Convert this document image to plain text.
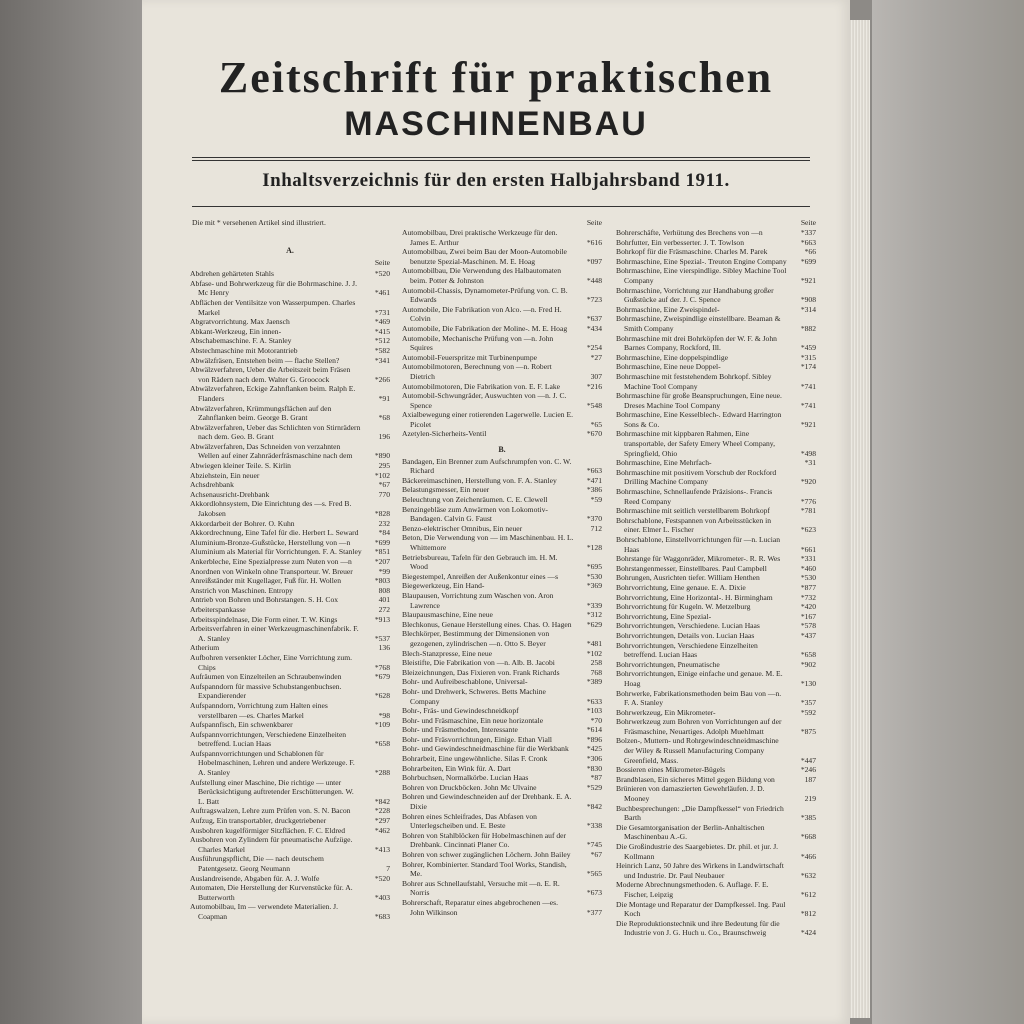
Zeitschrift für praktischen
MASCHINENBAU
Inhaltsverzeichnis für den ersten Halbjahrsband 1911.
Die mit * versehenen Artikel sind illustriert.
A.
Seite
Abdrehen gehärteten Stahls	*520
Abfase- und Bohrwerkzeug für die Bohrmaschine. J. J. Mc Henry	*461
Abflächen der Ventilsitze von Wasserpumpen. Charles Markel	*731
Abgratvorrichtung. Max Jaensch	*469
Abkant-Werkzeug, Ein innen-	*415
Abschabemaschine. F. A. Stanley	*512
Abstechmaschine mit Motorantrieb	*582
Abwälzfräsen, Entstehen beim — flache Stellen?	*341
Abwälzverfahren, Ueber die Arbeitszeit beim Fräsen von Rädern nach dem. Walter G. Groocock	*266
Abwälzverfahren, Eckige Zahnflanken beim. Ralph E. Flanders	*91
Abwälzverfahren, Krümmungsflächen auf den Zahnflanken beim. George B. Grant	*68
Abwälzverfahren, Ueber das Schlichten von Stirnrädern nach dem. Geo. B. Grant	196
Abwälzverfahren, Das Schneiden von verzahnten Wellen auf einer Zahnräderfräsmaschine nach dem	*890
Abwiegen kleiner Teile. S. Kirlin	295
Abziehstein, Ein neuer	*102
Achsdrehbank	*67
Achsenausricht-Drehbank	770
Akkordlohnsystem, Die Einrichtung des —s. Fred B. Jakobsen	*828
Akkordarbeit der Bohrer. O. Kuhn	232
Akkordrechnung, Eine Tafel für die. Herbert L. Seward	*84
Aluminium-Bronze-Gußstücke, Herstellung von —n	*699
Aluminium als Material für Vorrichtungen. F. A. Stanley *851
Ankerbleche, Eine Spezialpresse zum Nuten von —n	*207
Anordnen von Winkeln ohne Transporteur. W. Breuer	*99
Anreißständer mit Kugellager, Fuß für. H. Wollen	*803
Anstrich von Maschinen. Entropy	808
Antrieb von Bohren und Bohrstangen. S. H. Cox	401
Arbeiterspankasse	272
Arbeitsspindelnase, Die Form einer. T. W. Kings	*913
Arbeitsverfahren in einer Werkzeugmaschinenfabrik. F. A. Stanley	*537
Atherium	136
Aufbohren versenkter Löcher, Eine Vorrichtung zum. Chips	*768
Aufräumen von Einzelteilen an Schraubenwinden	*679
Aufspanndorn für massive Schubstangenbuchsen. Expandierender	*628
Aufspanndorn, Vorrichtung zum Halten eines verstellbaren —es. Charles Markel	*98
Aufspannfisch, Ein schwenkbarer	*109
Aufspannvorrichtungen, Verschiedene Einzelheiten betreffend. Lucian Haas	*658
Aufspannvorrichtungen und Schablonen für Hobelmaschinen, Lehren und andere Werkzeuge. F. A. Stanley	*288
Aufstellung einer Maschine, Die richtige — unter Berücksichtigung auftretender Erschütterungen. W. L. Batt	*842
Auftragswalzen, Lehre zum Prüfen von. S. N. Bacon	*228
Aufzug, Ein transportabler, druckgetriebener	*297
Ausbohren kugelförmiger Sitzflächen. F. C. Eldred	*462
Ausbohren von Zylindern für pneumatische Aufzüge. Charles Markel	*413
Ausführungspflicht, Die — nach deutschem Patentgesetz. Georg Neumann	7
Auslandreisende, Abgaben für. A. J. Wolfe	*520
Automaten, Die Herstellung der Kurvenstücke für. A. Butterworth	*403
Automobilbau, Im — verwendete Materialien. J. Coapman	*683
Seite
Automobilbau, Drei praktische Werkzeuge für den. James E. Arthur	*616
Automobilbau, Zwei beim Bau der Moon-Automobile benutzte Spezial-Maschinen. M. E. Hoag	*097
Automobilbau, Die Verwendung des Halbautomaten beim. Potter & Johnston	*448
Automobil-Chassis, Dynamometer-Prüfung von. C. B. Edwards	*723
Automobile, Die Fabrikation von Alco. —n. Fred H. Colvin	*637
Automobile, Die Fabrikation der Moline-. M. E. Hoag	*434
Automobile, Mechanische Prüfung von —n. John Squires	*254
Automobil-Feuerspritze mit Turbinenpumpe	*27
Automobilmotoren, Berechnung von —n. Robert Dietrich	307
Automobilmotoren, Die Fabrikation von. E. F. Lake	*216
Automobil-Schwungräder, Auswuchten von —n. J. C. Spence	*548
Axialbewegung einer rotierenden Lagerwelle. Lucien E. Picolet	*65
Azetylen-Sicherheits-Ventil	*670
B.
Bandagen, Ein Brenner zum Aufschrumpfen von. C. W. Richard	*663
Bäckereimaschinen, Herstellung von. F. A. Stanley	*471
Belastungsmesser, Ein neuer	*386
Beleuchtung von Zeichenräumen. C. E. Clewell	*59
Benzingebläse zum Anwärmen von Lokomotiv-Bandagen. Calvin G. Faust	*370
Benzo-elektrischer Omnibus, Ein neuer	712
Beton, Die Verwendung von — im Maschinenbau. H. L. Whittemore	*128
Betriebsbureau, Tafeln für den Gebrauch im. H. M. Wood	*695
Biegestempel, Anreißen der Außenkontur eines —s	*530
Biegewerkzeug, Ein Hand-	*369
Blaupausen, Vorrichtung zum Waschen von. Aron Lawrence	*339
Blaupausmaschine, Eine neue	*312
Blechkonus, Genaue Herstellung eines. Chas. O. Hagen *629
Blechkörper, Bestimmung der Dimensionen von gezogenen, zylindrischen —n. Otto S. Beyer	*481
Blech-Stanzpresse, Eine neue	*102
Bleistifte, Die Fabrikation von —n. Alb. B. Jacobi	258
Bleizeichnungen, Das Fixieren von. Frank Richards	768
Bohr- und Aufreibeschablone, Universal-	*389
Bohr- und Drehwerk, Schweres. Betts Machine Company	*633
Bohr-, Fräs- und Gewindeschneidkopf	*103
Bohr- und Fräsmaschine, Ein neue horizontale	*70
Bohr- und Fräsmethoden, Interessante	*614
Bohr- und Fräsvorrichtungen, Einige. Ethan Viall	*896
Bohr- und Gewindeschneidmaschine für die Werkbank *425
Bohrarbeit, Eine ungewöhnliche. Silas F. Cronk	*306
Bohrarbeiten, Ein Wink für. A. Dart	*830
Bohrbuchsen, Normalkörbe. Lucian Haas	*87
Bohren von Druckböcken. John Mc Ulvaine	*529
Bohren und Gewindeschneiden auf der Drehbank. E. A. Dixie	*842
Bohren eines Schleifrades, Das Abfasen von Unterlegscheiben und. E. Beste	*338
Bohren von Stahlblöcken für Hobelmaschinen auf der Drehbank. Cincinnati Planer Co.	*745
Bohren von schwer zugänglichen Löchern. John Bailey	*67
Bohrer, Kombinierter. Standard Tool Works, Standish, Me.	*565
Bohrer aus Schnellaufstahl, Versuche mit —n. E. R. Norris	*673
Bohrerschaft, Reparatur eines abgebrochenen —es. John Wilkinson	*377
Seite
Bohrerschäfte, Verhütung des Brechens von —n	*337
Bohrfutter, Ein verbesserter. J. T. Towlson	*663
Bohrkopf für die Fräsmaschine. Charles M. Parek	*66
Bohrmaschine, Eine Spezial-. Treuton Engine Company *699
Bohrmaschine, Eine vierspindlige. Sibley Machine Tool Company	*921
Bohrmaschine, Vorrichtung zur Handhabung großer Gußstücke auf der. J. C. Spence	*908
Bohrmaschine, Eine Zweispindel-	*314
Bohrmaschine, Zweispindlige einstellbare. Beaman & Smith Company	*882
Bohrmaschine mit drei Bohrköpfen der W. F. & John Barnes Company, Rockford, Ill.	*459
Bohrmaschine, Eine doppelspindlige	*315
Bohrmaschine, Eine neue Doppel-	*174
Bohrmaschine mit feststehendem Bohrkopf. Sibley Machine Tool Company	*741
Bohrmaschine für große Beanspruchungen, Eine neue. Dreses Machine Tool Company	*741
Bohrmaschine, Eine Kesselblech-. Edward Harrington Sons & Co.	*921
Bohrmaschine mit kippbaren Rahmen, Eine transportable, der Safety Emery Wheel Company, Springfield, Ohio	*498
Bohrmaschine, Eine Mehrfach-	*31
Bohrmaschine mit positivem Vorschub der Rockford Drilling Machine Company	*920
Bohrmaschine, Schnellaufende Präzisions-. Francis Reed Company	*776
Bohrmaschine mit seitlich verstellbarem Bohrkopf	*781
Bohrschablone, Festspannen von Arbeitsstücken in einer. Elmer L. Fischer	*623
Bohrschablone, Einstellvorrichtungen für —n. Lucian Haas	*661
Bohrstange für Waggonräder, Mikrometer-. R. R. Wes	*331
Bohrstangenmesser, Einstellbares. Paul Campbell	*460
Bohrungen, Ausrichten tiefer. William Henthen	*530
Bohrvorrichtung, Eine genaue. E. A. Dixie	*877
Bohrvorrichtung, Eine Horizontal-. H. Birmingham	*732
Bohrvorrichtung für Kugeln. W. Metzelburg	*420
Bohrvorrichtung, Eine Spezial-	*167
Bohrvorrichtungen, Verschiedene. Lucian Haas	*578
Bohrvorrichtungen, Details von. Lucian Haas	*437
Bohrvorrichtungen, Verschiedene Einzelheiten betreffend. Lucian Haas	*658
Bohrvorrichtungen, Pneumatische	*902
Bohrvorrichtungen, Einige einfache und genaue. M. E. Hoag	*130
Bohrwerke, Fabrikationsmethoden beim Bau von —n. F. A. Stanley	*357
Bohrwerkzeug, Ein Mikrometer-	*592
Bohrwerkzeug zum Bohren von Vorrichtungen auf der Fräsmaschine, Neuartiges. Adolph Muehlmatt	*875
Bolzen-, Muttern- und Rohrgewindeschneidmaschine der Wiley & Russell Manufacturing Company Greenfield, Mass.	*447
Bossieren eines Mikrometer-Bügels	*246
Brandblasen, Ein sicheres Mittel gegen Bildung von	187
Brünieren von damaszierten Gewehrläufen. J. D. Mooney	219
Buchbesprechungen: „Die Dampfkessel“ von Friedrich Barth	*385
Die Gesamtorganisation der Berlin-Anhaltischen Maschinenbau A.-G.	*668
Die Großindustrie des Saargebietes. Dr. phil. et jur. J. Kollmann	*466
Heinrich Lanz, 50 Jahre des Wirkens in Landwirtschaft und Industrie. Dr. Paul Neubauer	*632
Moderne Abrechnungsmethoden. 6. Auflage. F. E. Fischer, Leipzig	*612
Die Montage und Reparatur der Dampfkessel. Ing. Paul Koch	*812
Die Reproduktionstechnik und ihre Bedeutung für die Industrie von J. G. Huch u. Co., Braunschweig	*424
